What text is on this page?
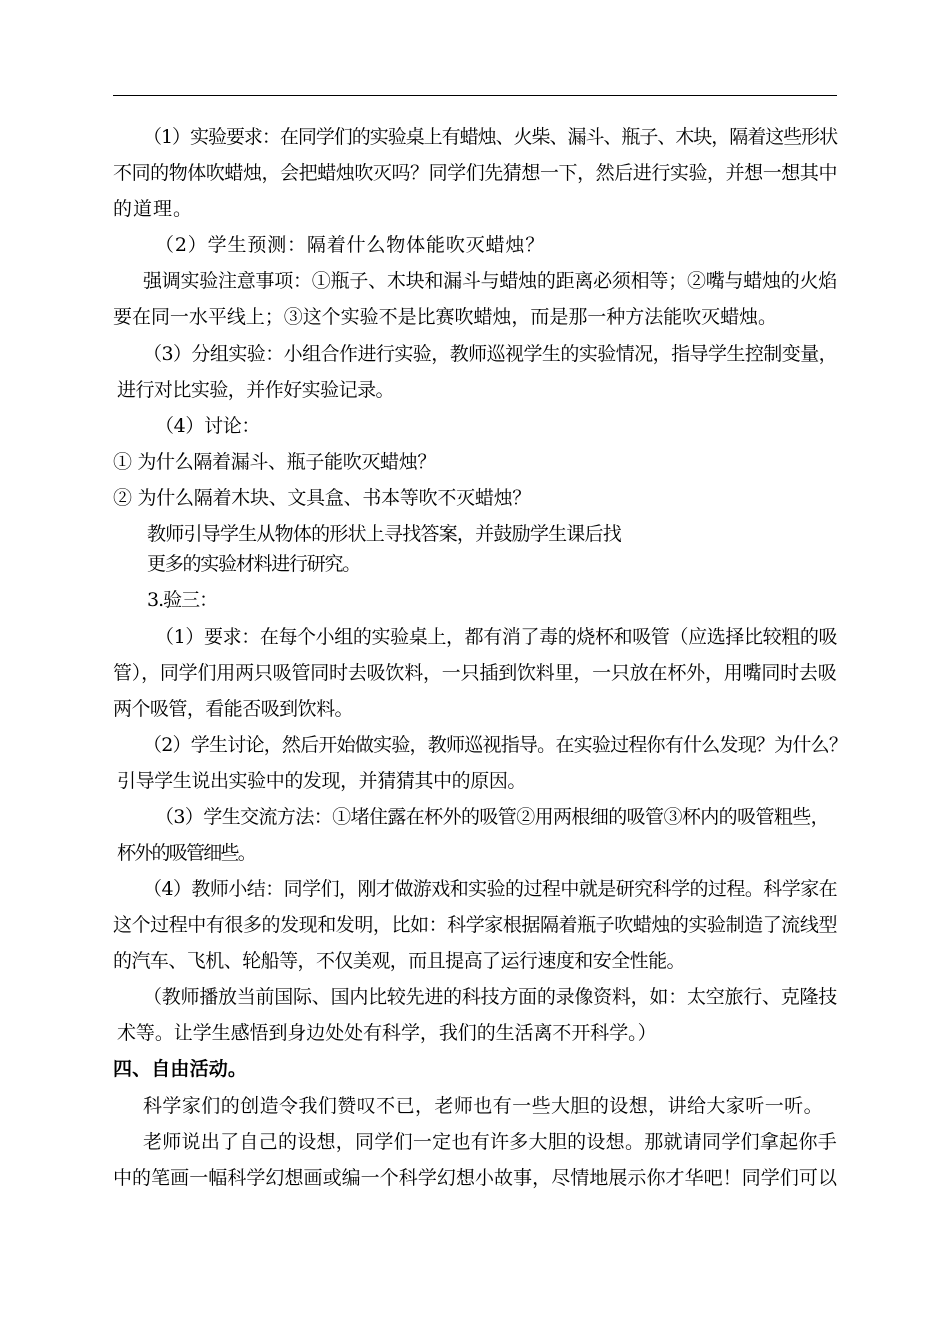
（1）实验要求：在同学们的实验桌上有蜡烛、火柴、漏斗、瓶子、木块，隔着这些形状
不同的物体吹蜡烛，会把蜡烛吹灭吗？同学们先猜想一下，然后进行实验，并想一想其中
的道理。
（2）学生预测：隔着什么物体能吹灭蜡烛？
强调实验注意事项：①瓶子、木块和漏斗与蜡烛的距离必须相等；②嘴与蜡烛的火焰
要在同一水平线上；③这个实验不是比赛吹蜡烛，而是那一种方法能吹灭蜡烛。
（3）分组实验：小组合作进行实验，教师巡视学生的实验情况，指导学生控制变量，
进行对比实验，并作好实验记录。
（4）讨论：
① 为什么隔着漏斗、瓶子能吹灭蜡烛？
② 为什么隔着木块、文具盒、书本等吹不灭蜡烛？
教师引导学生从物体的形状上寻找答案，并鼓励学生课后找
更多的实验材料进行研究。
3.验三：
（1）要求：在每个小组的实验桌上，都有消了毒的烧杯和吸管（应选择比较粗的吸
管），同学们用两只吸管同时去吸饮料，一只插到饮料里，一只放在杯外，用嘴同时去吸
两个吸管，看能否吸到饮料。
（2）学生讨论，然后开始做实验，教师巡视指导。在实验过程你有什么发现？为什么？
引导学生说出实验中的发现，并猜猜其中的原因。
（3）学生交流方法：①堵住露在杯外的吸管②用两根细的吸管③杯内的吸管粗些，
杯外的吸管细些。
（4）教师小结：同学们，刚才做游戏和实验的过程中就是研究科学的过程。科学家在
这个过程中有很多的发现和发明，比如：科学家根据隔着瓶子吹蜡烛的实验制造了流线型
的汽车、飞机、轮船等，不仅美观，而且提高了运行速度和安全性能。
（教师播放当前国际、国内比较先进的科技方面的录像资料，如：太空旅行、克隆技
术等。让学生感悟到身边处处有科学，我们的生活离不开科学。）
四、自由活动。
科学家们的创造令我们赞叹不已，老师也有一些大胆的设想，讲给大家听一听。
老师说出了自己的设想，同学们一定也有许多大胆的设想。那就请同学们拿起你手
中的笔画一幅科学幻想画或编一个科学幻想小故事，尽情地展示你才华吧！同学们可以
